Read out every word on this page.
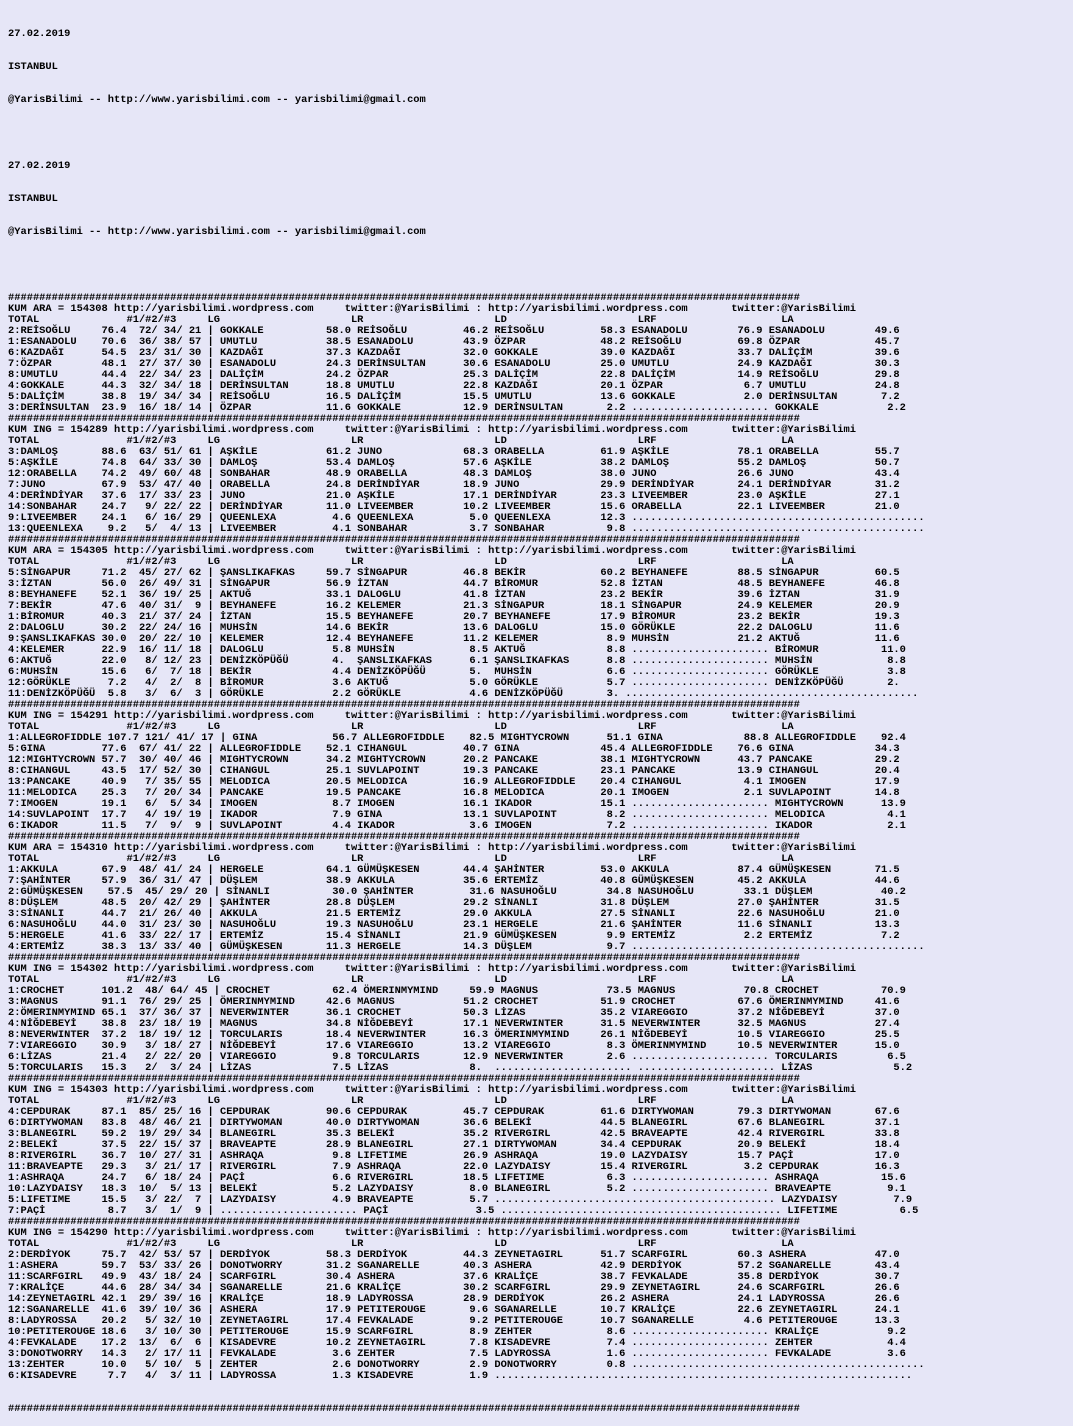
27.02.2019

ISTANBUL

@YarisBilimi -- http://www.yarisbilimi.com -- yarisbilimi@gmail.com

27.02.2019

ISTANBUL

@YarisBilimi -- http://www.yarisbilimi.com -- yarisbilimi@gmail.com

###############################################################################################################################
KUM ARA = 154308 http://yarisbilimi.wordpress.com     twitter:@YarisBilimi : http://yarisbilimi.wordpress.com       twitter:@YarisBilimi
TOTAL              #1/#2/#3     LG                     LR                     LD                     LRF                    LA
2:REİSOĞLU     76.4  72/ 34/ 21 | GOKKALE          58.0 REİSOĞLU         46.2 REİSOĞLU         58.3 ESANADOLU        76.9 ESANADOLU        49.6
1:ESANADOLU    70.6  36/ 38/ 57 | UMUTLU           38.5 ESANADOLU        43.9 ÖZPAR            48.2 REİSOĞLU         69.8 ÖZPAR            45.7
6:KAZDAĞI      54.5  23/ 31/ 30 | KAZDAĞI          37.3 KAZDAĞI          32.0 GOKKALE          39.0 KAZDAĞI          33.7 DALİÇİM          39.6
7:ÖZPAR        48.1  27/ 37/ 30 | ESANADOLU        24.3 DERİNSULTAN      30.6 ESANADOLU        25.0 UMUTLU           24.9 KAZDAĞI          30.3
8:UMUTLU       44.4  22/ 34/ 23 | DALİÇİM          24.2 ÖZPAR            25.3 DALİÇİM          22.8 DALİÇİM          14.9 REİSOĞLU         29.8
4:GOKKALE      44.3  32/ 34/ 18 | DERİNSULTAN      18.8 UMUTLU           22.8 KAZDAĞI          20.1 ÖZPAR             6.7 UMUTLU           24.8
5:DALİÇİM      38.8  19/ 34/ 34 | REİSOĞLU         16.5 DALİÇİM          15.5 UMUTLU           13.6 GOKKALE           2.0 DERİNSULTAN       7.2
3:DERİNSULTAN  23.9  16/ 18/ 14 | ÖZPAR            11.6 GOKKALE          12.9 DERİNSULTAN       2.2 ...................... GOKKALE           2.2
###############################################################################################################################
KUM ING = 154289 http://yarisbilimi.wordpress.com     twitter:@YarisBilimi : http://yarisbilimi.wordpress.com       twitter:@YarisBilimi
TOTAL              #1/#2/#3     LG                     LR                     LD                     LRF                    LA
3:DAMLOŞ       88.6  63/ 51/ 61 | AŞKİLE           61.2 JUNO             68.3 ORABELLA         61.9 AŞKİLE           78.1 ORABELLA         55.7
5:AŞKİLE       74.8  64/ 33/ 30 | DAMLOŞ           53.4 DAMLOŞ           57.6 AŞKİLE           38.2 DAMLOŞ           55.2 DAMLOŞ           50.7
12:ORABELLA    74.2  49/ 60/ 48 | SONBAHAR         48.9 ORABELLA         48.3 DAMLOŞ           38.0 JUNO             26.6 JUNO             43.4
7:JUNO         67.9  53/ 47/ 40 | ORABELLA         24.8 DERİNDİYAR       18.9 JUNO             29.9 DERİNDİYAR       24.1 DERİNDİYAR       31.2
4:DERİNDİYAR   37.6  17/ 33/ 23 | JUNO             21.0 AŞKİLE           17.1 DERİNDİYAR       23.3 LIVEEMBER        23.0 AŞKİLE           27.1
14:SONBAHAR    24.7   9/ 22/ 22 | DERİNDİYAR       11.0 LIVEEMBER        10.2 LIVEEMBER        15.6 ORABELLA         22.1 LIVEEMBER        21.0
9:LIVEEMBER    24.1   6/ 16/ 29 | QUEENLEXA         4.6 QUEENLEXA         5.0 QUEENLEXA        12.3 ...............................................
13:QUEENLEXA    9.2   5/  4/ 13 | LIVEEMBER         4.1 SONBAHAR          3.7 SONBAHAR          9.8 ...............................................
###############################################################################################################################
KUM ARA = 154305 http://yarisbilimi.wordpress.com     twitter:@YarisBilimi : http://yarisbilimi.wordpress.com       twitter:@YarisBilimi
TOTAL              #1/#2/#3     LG                     LR                     LD                     LRF                    LA
5:SİNGAPUR     71.2  45/ 27/ 62 | ŞANSLIKAFKAS     59.7 SİNGAPUR         46.8 BEKİR            60.2 BEYHANEFE        88.5 SİNGAPUR         60.5
3:İZTAN        56.0  26/ 49/ 31 | SİNGAPUR         56.9 İZTAN            44.7 BİROMUR          52.8 İZTAN            48.5 BEYHANEFE        46.8
8:BEYHANEFE    52.1  36/ 19/ 25 | AKTUĞ            33.1 DALOGLU          41.8 İZTAN            23.2 BEKİR            39.6 İZTAN            31.9
7:BEKİR        47.6  40/ 31/  9 | BEYHANEFE        16.2 KELEMER          21.3 SİNGAPUR         18.1 SİNGAPUR         24.9 KELEMER          20.9
1:BİROMUR      40.3  21/ 37/ 24 | İZTAN            15.5 BEYHANEFE        20.7 BEYHANEFE        17.9 BİROMUR          23.2 BEKİR            19.3
2:DALOGLU      30.2  22/ 24/ 16 | MUHSİN           14.6 BEKİR            13.6 DALOGLU          15.0 GÖRÜKLE          22.2 DALOGLU          11.6
9:ŞANSLIKAFKAS 30.0  20/ 22/ 10 | KELEMER          12.4 BEYHANEFE        11.2 KELEMER           8.9 MUHSİN           21.2 AKTUĞ            11.6
4:KELEMER      22.9  16/ 11/ 18 | DALOGLU           5.8 MUHSİN            8.5 AKTUĞ             8.8 ...................... BİROMUR          11.0
6:AKTUĞ        22.0   8/ 12/ 23 | DENİZKÖPÜĞÜ       4.  ŞANSLIKAFKAS      6.1 ŞANSLIKAFKAS      8.8 ...................... MUHSİN            8.8
6:MUHSİN       15.6   6/  7/ 18 | BEKİR             4.4 DENİZKÖPÜĞÜ       5.  MUHSİN            6.6 ...................... GÖRÜKLE           3.8
12:GÖRÜKLE      7.2   4/  2/  8 | BİROMUR           3.6 AKTUĞ             5.0 GÖRÜKLE           5.7 ...................... DENİZKÖPÜĞÜ       2.
11:DENİZKÖPÜĞÜ  5.8   3/  6/  3 | GÖRÜKLE           2.2 GÖRÜKLE           4.6 DENİZKÖPÜĞÜ       3. ...............................................
###############################################################################################################################
KUM ING = 154291 http://yarisbilimi.wordpress.com     twitter:@YarisBilimi : http://yarisbilimi.wordpress.com       twitter:@YarisBilimi
TOTAL              #1/#2/#3     LG                     LR                     LD                     LRF                    LA
1:ALLEGROFIDDLE 107.7 121/ 41/ 17 | GINA            56.7 ALLEGROFIDDLE    82.5 MIGHTYCROWN      51.1 GINA             88.8 ALLEGROFIDDLE    92.4
5:GINA         77.6  67/ 41/ 22 | ALLEGROFIDDLE    52.1 CIHANGUL         40.7 GINA             45.4 ALLEGROFIDDLE    76.6 GINA             34.3
12:MIGHTYCROWN 57.7  30/ 40/ 46 | MIGHTYCROWN      34.2 MIGHTYCROWN      20.2 PANCAKE          38.1 MIGHTYCROWN      43.7 PANCAKE          29.2
8:CIHANGUL     43.5  17/ 52/ 30 | CIHANGUL         25.1 SUVLAPOINT       19.3 PANCAKE          23.1 PANCAKE          13.9 CIHANGUL         20.4
13:PANCAKE     40.9   7/ 35/ 55 | MELODICA         20.5 MELODICA         16.9 ALLEGROFIDDLE    20.4 CIHANGUL          4.1 IMOGEN           17.9
11:MELODICA    25.3   7/ 20/ 34 | PANCAKE          19.5 PANCAKE          16.8 MELODICA         20.1 IMOGEN            2.1 SUVLAPOINT       14.8
7:IMOGEN       19.1   6/  5/ 34 | IMOGEN            8.7 IMOGEN           16.1 IKADOR           15.1 ...................... MIGHTYCROWN      13.9
14:SUVLAPOINT  17.7   4/ 19/ 19 | IKADOR            7.9 GINA             13.1 SUVLAPOINT        8.2 ...................... MELODICA          4.1
6:IKADOR       11.5   7/  9/  9 | SUVLAPOINT        4.4 IKADOR            3.6 IMOGEN            7.2 ...................... IKADOR            2.1
###############################################################################################################################
KUM ARA = 154310 http://yarisbilimi.wordpress.com     twitter:@YarisBilimi : http://yarisbilimi.wordpress.com       twitter:@YarisBilimi
TOTAL              #1/#2/#3     LG                     LR                     LD                     LRF                    LA
1:AKKULA       67.9  48/ 41/ 24 | HERGELE          64.1 GÜMÜŞKESEN       44.4 ŞAHİNTER         53.0 AKKULA           87.4 GÜMÜŞKESEN       71.5
7:ŞAHİNTER     57.9  36/ 31/ 47 | DÜŞLEM           38.9 AKKULA           35.6 ERTEMİZ          40.8 GÜMÜŞKESEN       45.2 AKKULA           44.6
2:GÜMÜŞKESEN    57.5  45/ 29/ 20 | SİNANLI          30.0 ŞAHİNTER         31.6 NASUHOĞLU        34.8 NASUHOĞLU        33.1 DÜŞLEM           40.2
8:DÜŞLEM       48.5  20/ 42/ 29 | ŞAHİNTER         28.8 DÜŞLEM           29.2 SİNANLI          31.8 DÜŞLEM           27.0 ŞAHİNTER         31.5
3:SİNANLI      44.7  21/ 26/ 40 | AKKULA           21.5 ERTEMİZ          29.0 AKKULA           27.5 SİNANLI          22.6 NASUHOĞLU        21.0
6:NASUHOĞLU    44.0  31/ 23/ 30 | NASUHOĞLU        19.3 NASUHOĞLU        23.1 HERGELE          21.6 ŞAHİNTER         11.6 SİNANLI          13.3
5:HERGELE      41.6  33/ 22/ 17 | ERTEMİZ          15.4 SİNANLI          21.9 GÜMÜŞKESEN        9.9 ERTEMİZ           2.2 ERTEMİZ           7.2
4:ERTEMİZ      38.3  13/ 33/ 40 | GÜMÜŞKESEN       11.3 HERGELE          14.3 DÜŞLEM            9.7 ...............................................
###############################################################################################################################
KUM ING = 154302 http://yarisbilimi.wordpress.com     twitter:@YarisBilimi : http://yarisbilimi.wordpress.com       twitter:@YarisBilimi
TOTAL              #1/#2/#3     LG                     LR                     LD                     LRF                    LA
1:CROCHET      101.2  48/ 64/ 45 | CROCHET          62.4 ÖMERINMYMIND     59.9 MAGNUS           73.5 MAGNUS           70.8 CROCHET          70.9
3:MAGNUS       91.1  76/ 29/ 25 | ÖMERINMYMIND     42.6 MAGNUS           51.2 CROCHET          51.9 CROCHET          67.6 ÖMERINMYMIND     41.6
2:ÖMERINMYMIND 65.1  37/ 36/ 37 | NEVERWINTER      36.1 CROCHET          50.3 LİZAS            35.2 VIAREGGIO        37.2 NİĞDEBEYİ        37.0
4:NİĞDEBEYİ    38.8  23/ 18/ 19 | MAGNUS           34.8 NİĞDEBEYİ        17.1 NEVERWINTER      31.5 NEVERWINTER      32.5 MAGNUS           27.4
8:NEVERWINTER  37.2  18/ 19/ 12 | TORCULARIS       18.4 NEVERWINTER      16.3 ÖMERINMYMIND     26.1 NİĞDEBEYİ        10.5 VIAREGGIO        25.5
7:VIAREGGIO    30.9   3/ 18/ 27 | NİĞDEBEYİ        17.6 VIAREGGIO        13.2 VIAREGGIO         8.3 ÖMERINMYMIND     10.5 NEVERWINTER      15.0
6:LİZAS        21.4   2/ 22/ 20 | VIAREGGIO         9.8 TORCULARIS       12.9 NEVERWINTER       2.6 ...................... TORCULARIS        6.5
5:TORCULARIS   15.3   2/  3/ 24 | LİZAS             7.5 LİZAS             8.  ...................... ...................... LİZAS             5.2
###############################################################################################################################
KUM ING = 154303 http://yarisbilimi.wordpress.com     twitter:@YarisBilimi : http://yarisbilimi.wordpress.com       twitter:@YarisBilimi
TOTAL              #1/#2/#3     LG                     LR                     LD                     LRF                    LA
4:CEPDURAK     87.1  85/ 25/ 16 | CEPDURAK         90.6 CEPDURAK         45.7 CEPDURAK         61.6 DIRTYWOMAN       79.3 DIRTYWOMAN       67.6
6:DIRTYWOMAN   83.8  48/ 46/ 21 | DIRTYWOMAN       40.0 DIRTYWOMAN       36.6 BELEKİ           44.5 BLANEGIRL        67.6 BLANEGIRL        37.1
3:BLANEGIRL    59.2  19/ 29/ 34 | BLANEGIRL        35.3 BELEKİ           35.2 RIVERGIRL        42.5 BRAVEAPTE        42.4 RIVERGIRL        33.8
2:BELEKİ       37.5  22/ 15/ 37 | BRAVEAPTE        28.9 BLANEGIRL        27.1 DIRTYWOMAN       34.4 CEPDURAK         20.9 BELEKİ           18.4
8:RIVERGIRL    36.7  10/ 27/ 31 | ASHRAQA           9.8 LIFETIME         26.9 ASHRAQA          19.0 LAZYDAISY        15.7 PAÇİ             17.0
11:BRAVEAPTE   29.3   3/ 21/ 17 | RIVERGIRL         7.9 ASHRAQA          22.0 LAZYDAISY        15.4 RIVERGIRL         3.2 CEPDURAK         16.3
1:ASHRAQA      24.7   6/ 18/ 24 | PAÇİ              6.6 RIVERGIRL        18.5 LIFETIME          6.3 ...................... ASHRAQA          15.6
10:LAZYDAISY   18.3  10/  5/ 13 | BELEKİ            5.2 LAZYDAISY         8.0 BLANEGIRL         5.2 ...................... BRAVEAPTE         9.1
5:LIFETIME     15.5   3/ 22/  7 | LAZYDAISY         4.9 BRAVEAPTE         5.7 ............................................. LAZYDAISY         7.9
7:PAÇİ          8.7   3/  1/  9 | ...................... PAÇİ              3.5 ............................................. LIFETIME          6.5
###############################################################################################################################
KUM ING = 154290 http://yarisbilimi.wordpress.com     twitter:@YarisBilimi : http://yarisbilimi.wordpress.com       twitter:@YarisBilimi
TOTAL              #1/#2/#3     LG                     LR                     LD                     LRF                    LA
2:DERDİYOK     75.7  42/ 53/ 57 | DERDİYOK         58.3 DERDİYOK         44.3 ZEYNETAGIRL      51.7 SCARFGIRL        60.3 ASHERA           47.0
1:ASHERA       59.7  53/ 33/ 26 | DONOTWORRY       31.2 SGANARELLE       40.3 ASHERA           42.9 DERDİYOK         57.2 SGANARELLE       43.4
11:SCARFGIRL   49.9  43/ 18/ 24 | SCARFGIRL        30.4 ASHERA           37.6 KRALİÇE          38.7 FEVKALADE        35.8 DERDİYOK         30.7
7:KRALİÇE      44.6  28/ 34/ 34 | SGANARELLE       21.6 KRALİÇE          30.2 SCARFGIRL        29.9 ZEYNETAGIRL      24.6 SCARFGIRL        26.6
14:ZEYNETAGIRL 42.1  29/ 39/ 16 | KRALİÇE          18.9 LADYROSSA        28.9 DERDİYOK         26.2 ASHERA           24.1 LADYROSSA        26.6
12:SGANARELLE  41.6  39/ 10/ 36 | ASHERA           17.9 PETITEROUGE       9.6 SGANARELLE       10.7 KRALİÇE          22.6 ZEYNETAGIRL      24.1
8:LADYROSSA    20.2   5/ 32/ 10 | ZEYNETAGIRL      17.4 FEVKALADE         9.2 PETITEROUGE      10.7 SGANARELLE        4.6 PETITEROUGE      13.3
10:PETITEROUGE 18.6   3/ 10/ 30 | PETITEROUGE      15.9 SCARFGIRL         8.9 ZEHTER            8.6 ...................... KRALİÇE           9.2
4:FEVKALADE    17.2  13/  6/  6 | KISADEVRE        10.2 ZEYNETAGIRL       7.8 KISADEVRE         7.4 ...................... ZEHTER            4.4
3:DONOTWORRY   14.3   2/ 17/ 11 | FEVKALADE         3.6 ZEHTER            7.5 LADYROSSA         1.6 ...................... FEVKALADE         3.6
13:ZEHTER      10.0   5/ 10/  5 | ZEHTER            2.6 DONOTWORRY        2.9 DONOTWORRY        0.8 ...............................................
6:KISADEVRE     7.7   4/  3/ 11 | LADYROSSA         1.3 KISADEVRE         1.9 ...................................................................

###############################################################################################################################
